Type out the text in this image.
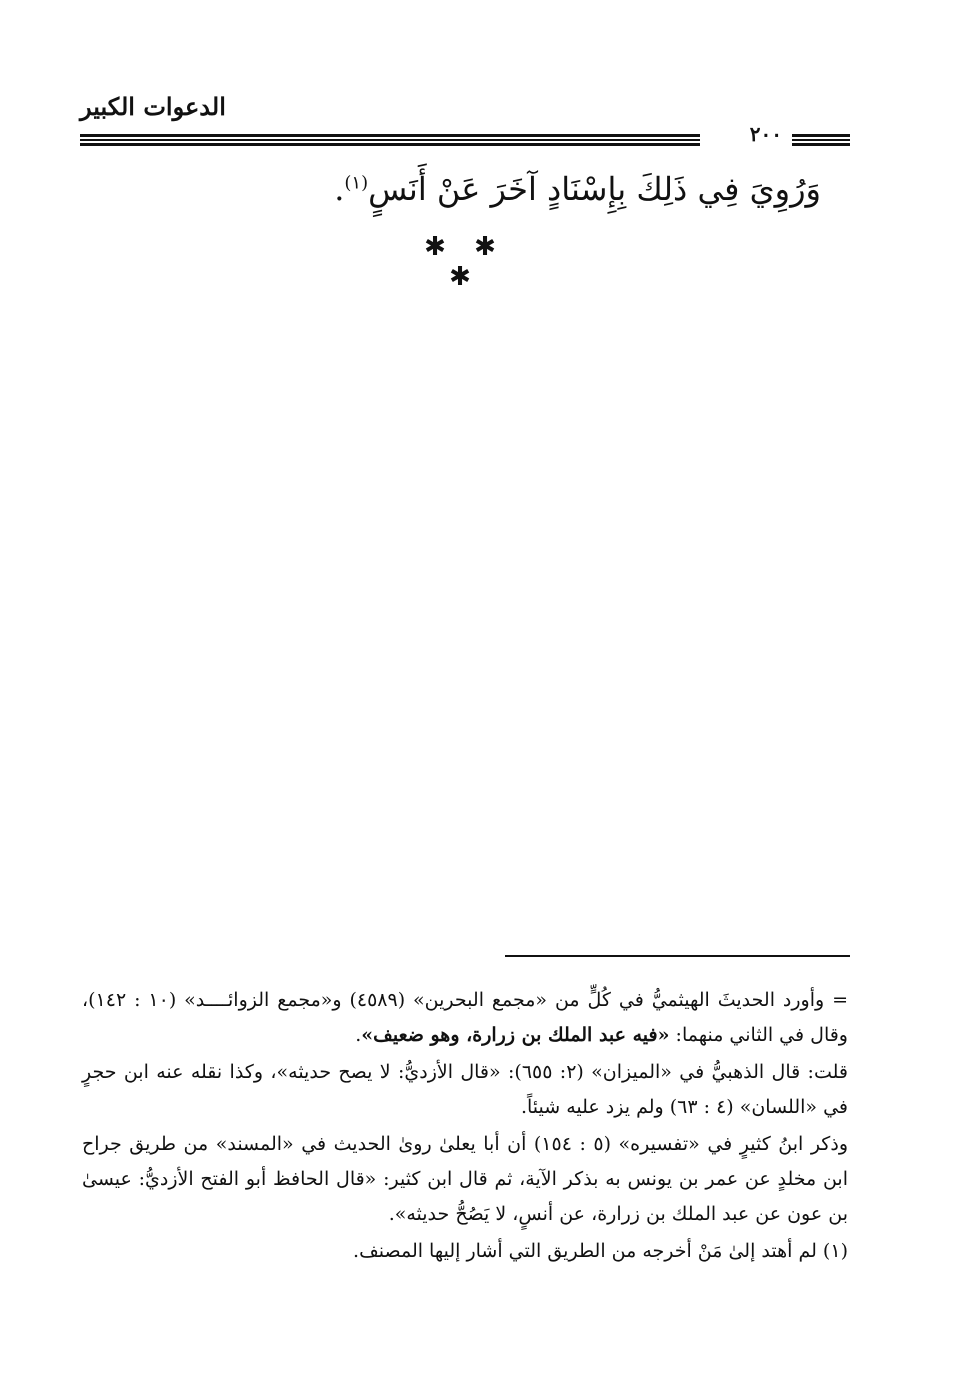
الدعوات الكبير
٢٠٠
وَرُوِيَ فِي ذَلِكَ بِإِسْنَادٍ آخَرَ عَنْ أَنَسٍ$^{(١)}$.
✱ ✱ ✱

= وأورد الحديثَ الهيثميُّ في كُلٍّ من «مجمع البحرين» (٤٥٨٩) و«مجمع الزوائــــد» (١٠ : ١٤٢)، وقال في الثاني منهما: «فيه عبد الملك بن زرارة، وهو ضعيف».

قلت: قال الذهبيُّ في «الميزان» (٢: ٦٥٥): «قال الأزديُّ: لا يصح حديثه»، وكذا نقله عنه ابن حجرٍ في «اللسان» (٤ : ٦٣) ولم يزد عليه شيئاً.

وذكر ابنُ كثيرٍ في «تفسيره» (٥ : ١٥٤) أن أبا يعلىٰ روىٰ الحديث في «المسند» من طريق جراح ابن مخلدٍ عن عمر بن يونس به بذكر الآية، ثم قال ابن كثير: «قال الحافظ أبو الفتح الأزديُّ: عيسىٰ بن عون عن عبد الملك بن زرارة، عن أنسٍ، لا يَصُحُّ حديثه».

(١) لم أهتد إلىٰ مَنْ أخرجه من الطريق التي أشار إليها المصنف.
